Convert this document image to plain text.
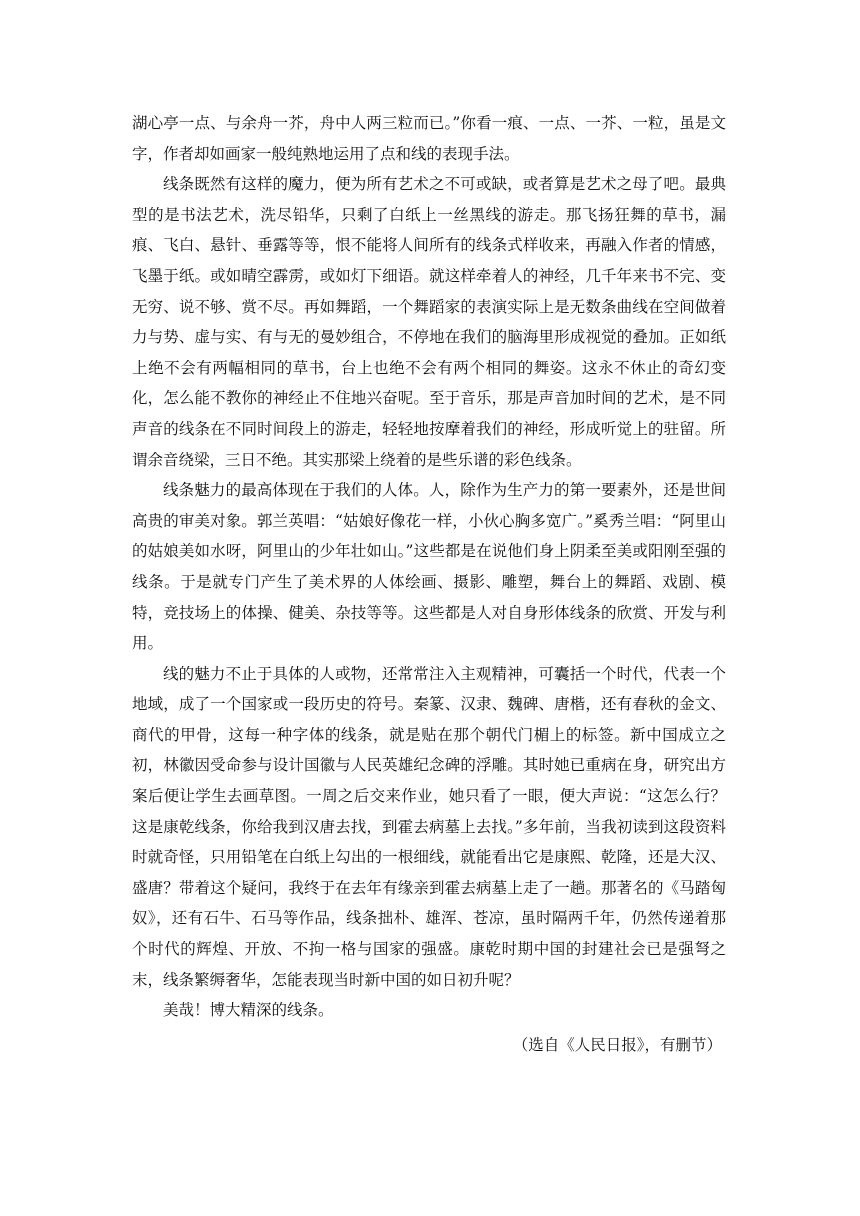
湖心亭一点、与余舟一芥，舟中人两三粒而已。”你看一痕、一点、一芥、一粒，虽是文字，作者却如画家一般纯熟地运用了点和线的表现手法。

线条既然有这样的魔力，便为所有艺术之不可或缺，或者算是艺术之母了吧。最典型的是书法艺术，洗尽铅华，只剩了白纸上一丝黑线的游走。那飞扬狂舞的草书，漏痕、飞白、悬针、垂露等等，恨不能将人间所有的线条式样收来，再融入作者的情感，飞墨于纸。或如晴空霹雳，或如灯下细语。就这样牵着人的神经，几千年来书不完、变无穷、说不够、赏不尽。再如舞蹈，一个舞蹈家的表演实际上是无数条曲线在空间做着力与势、虚与实、有与无的曼妙组合，不停地在我们的脑海里形成视觉的叠加。正如纸上绝不会有两幅相同的草书，台上也绝不会有两个相同的舞姿。这永不休止的奇幻变化，怎么能不教你的神经止不住地兴奋呢。至于音乐，那是声音加时间的艺术，是不同声音的线条在不同时间段上的游走，轻轻地按摩着我们的神经，形成听觉上的驻留。所谓余音绕梁，三日不绝。其实那梁上绕着的是些乐谱的彩色线条。

线条魅力的最高体现在于我们的人体。人，除作为生产力的第一要素外，还是世间高贵的审美对象。郭兰英唱：“姑娘好像花一样，小伙心胸多宽广。”奚秀兰唱：“阿里山的姑娘美如水呀，阿里山的少年壮如山。”这些都是在说他们身上阴柔至美或阳刚至强的线条。于是就专门产生了美术界的人体绘画、摄影、雕塑，舞台上的舞蹈、戏剧、模特，竞技场上的体操、健美、杂技等等。这些都是人对自身形体线条的欣赏、开发与利用。

线的魅力不止于具体的人或物，还常常注入主观精神，可囊括一个时代，代表一个地域，成了一个国家或一段历史的符号。秦篆、汉隶、魏碑、唐楷，还有春秋的金文、商代的甲骨，这每一种字体的线条，就是贴在那个朝代门楣上的标签。新中国成立之初，林徽因受命参与设计国徽与人民英雄纪念碑的浮雕。其时她已重病在身，研究出方案后便让学生去画草图。一周之后交来作业，她只看了一眼，便大声说：“这怎么行？这是康乾线条，你给我到汉唐去找，到霍去病墓上去找。”多年前，当我初读到这段资料时就奇怪，只用铅笔在白纸上勾出的一根细线，就能看出它是康熙、乾隆，还是大汉、盛唐？带着这个疑问，我终于在去年有缘亲到霍去病墓上走了一趟。那著名的《马踏匈奴》，还有石牛、石马等作品，线条拙朴、雄浑、苍凉，虽时隔两千年，仍然传递着那个时代的辉煌、开放、不拘一格与国家的强盛。康乾时期中国的封建社会已是强弩之末，线条繁缛奢华，怎能表现当时新中国的如日初升呢？

美哉！博大精深的线条。

（选自《人民日报》，有删节）
